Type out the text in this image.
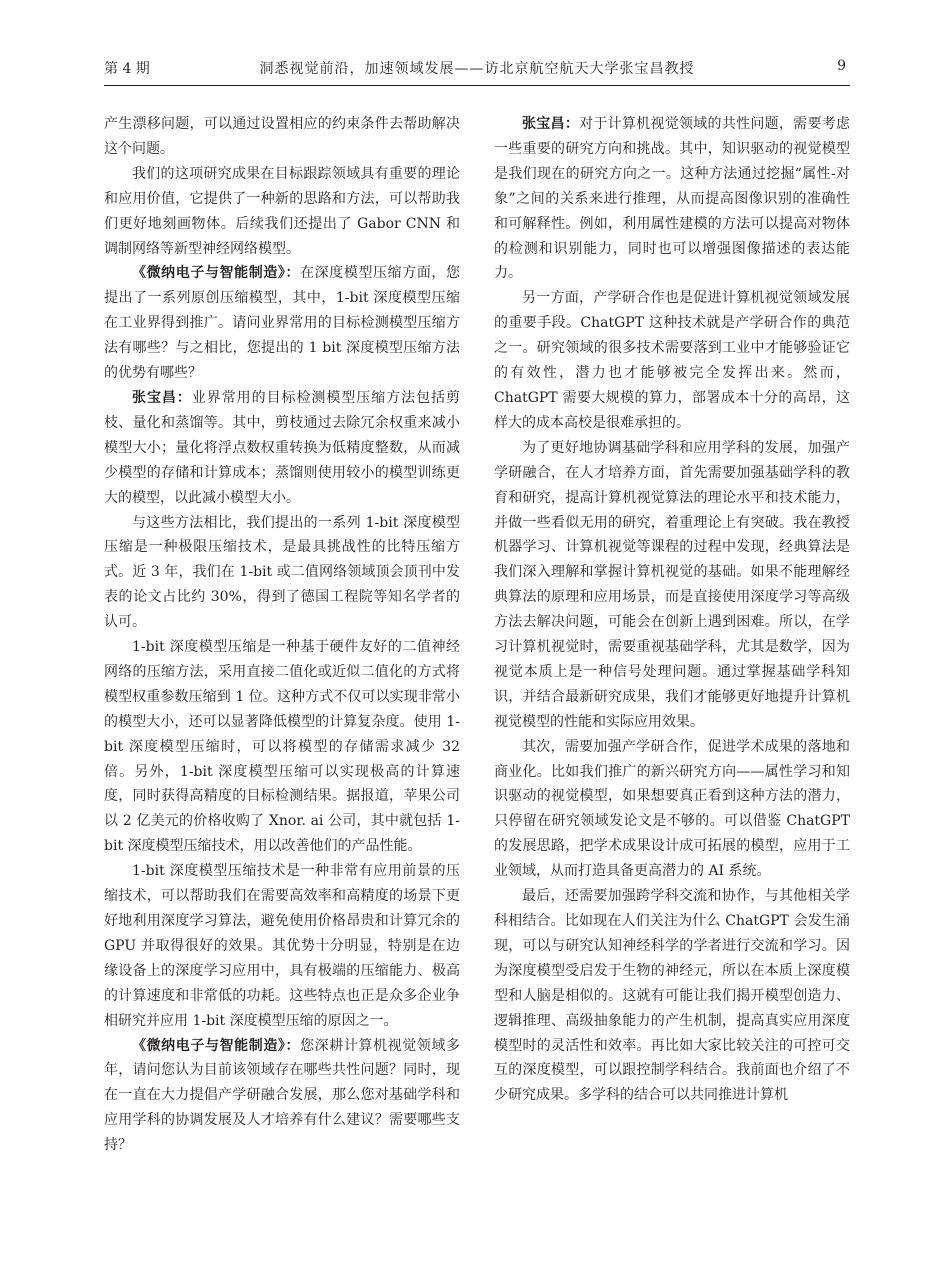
第 4 期	洞悉视觉前沿，加速领域发展——访北京航空航天大学张宝昌教授	9

产生漂移问题，可以通过设置相应的约束条件去帮助解决这个问题。

我们的这项研究成果在目标跟踪领域具有重要的理论和应用价值，它提供了一种新的思路和方法，可以帮助我们更好地刻画物体。后续我们还提出了 Gabor CNN 和调制网络等新型神经网络模型。

《微纳电子与智能制造》：在深度模型压缩方面，您提出了一系列原创压缩模型，其中，1-bit 深度模型压缩在工业界得到推广。请问业界常用的目标检测模型压缩方法有哪些？与之相比，您提出的 1 bit 深度模型压缩方法的优势有哪些？

张宝昌：业界常用的目标检测模型压缩方法包括剪枝、量化和蒸馏等。其中，剪枝通过去除冗余权重来减小模型大小；量化将浮点数权重转换为低精度整数，从而减少模型的存储和计算成本；蒸馏则使用较小的模型训练更大的模型，以此减小模型大小。

与这些方法相比，我们提出的一系列 1-bit 深度模型压缩是一种极限压缩技术，是最具挑战性的比特压缩方式。近 3 年，我们在 1-bit 或二值网络领域顶会顶刊中发表的论文占比约 30%，得到了德国工程院等知名学者的认可。

1-bit 深度模型压缩是一种基于硬件友好的二值神经网络的压缩方法，采用直接二值化或近似二值化的方式将模型权重参数压缩到 1 位。这种方式不仅可以实现非常小的模型大小，还可以显著降低模型的计算复杂度。使用 1-bit 深度模型压缩时，可以将模型的存储需求减少 32 倍。另外，1-bit 深度模型压缩可以实现极高的计算速度，同时获得高精度的目标检测结果。据报道，苹果公司以 2 亿美元的价格收购了 Xnor. ai 公司，其中就包括 1-bit 深度模型压缩技术，用以改善他们的产品性能。

1-bit 深度模型压缩技术是一种非常有应用前景的压缩技术，可以帮助我们在需要高效率和高精度的场景下更好地利用深度学习算法，避免使用价格昂贵和计算冗余的 GPU 并取得很好的效果。其优势十分明显，特别是在边缘设备上的深度学习应用中，具有极端的压缩能力、极高的计算速度和非常低的功耗。这些特点也正是众多企业争相研究并应用 1-bit 深度模型压缩的原因之一。

《微纳电子与智能制造》：您深耕计算机视觉领域多年，请问您认为目前该领域存在哪些共性问题？同时，现在一直在大力提倡产学研融合发展，那么您对基础学科和应用学科的协调发展及人才培养有什么建议？需要哪些支持？

张宝昌：对于计算机视觉领域的共性问题，需要考虑一些重要的研究方向和挑战。其中，知识驱动的视觉模型是我们现在的研究方向之一。这种方法通过挖掘“属性-对象”之间的关系来进行推理，从而提高图像识别的准确性和可解释性。例如，利用属性建模的方法可以提高对物体的检测和识别能力，同时也可以增强图像描述的表达能力。

另一方面，产学研合作也是促进计算机视觉领域发展的重要手段。ChatGPT 这种技术就是产学研合作的典范之一。研究领域的很多技术需要落到工业中才能够验证它的有效性，潜力也才能够被完全发挥出来。然而，ChatGPT 需要大规模的算力，部署成本十分的高昂，这样大的成本高校是很难承担的。

为了更好地协调基础学科和应用学科的发展，加强产学研融合，在人才培养方面，首先需要加强基础学科的教育和研究，提高计算机视觉算法的理论水平和技术能力，并做一些看似无用的研究，着重理论上有突破。我在教授机器学习、计算机视觉等课程的过程中发现，经典算法是我们深入理解和掌握计算机视觉的基础。如果不能理解经典算法的原理和应用场景，而是直接使用深度学习等高级方法去解决问题，可能会在创新上遇到困难。所以，在学习计算机视觉时，需要重视基础学科，尤其是数学，因为视觉本质上是一种信号处理问题。通过掌握基础学科知识，并结合最新研究成果，我们才能够更好地提升计算机视觉模型的性能和实际应用效果。

其次，需要加强产学研合作，促进学术成果的落地和商业化。比如我们推广的新兴研究方向——属性学习和知识驱动的视觉模型，如果想要真正看到这种方法的潜力，只停留在研究领域发论文是不够的。可以借鉴 ChatGPT 的发展思路，把学术成果设计成可拓展的模型，应用于工业领域，从而打造具备更高潜力的 AI 系统。

最后，还需要加强跨学科交流和协作，与其他相关学科相结合。比如现在人们关注为什么 ChatGPT 会发生涌现，可以与研究认知神经科学的学者进行交流和学习。因为深度模型受启发于生物的神经元，所以在本质上深度模型和人脑是相似的。这就有可能让我们揭开模型创造力、逻辑推理、高级抽象能力的产生机制，提高真实应用深度模型时的灵活性和效率。再比如大家比较关注的可控可交互的深度模型，可以跟控制学科结合。我前面也介绍了不少研究成果。多学科的结合可以共同推进计算机
